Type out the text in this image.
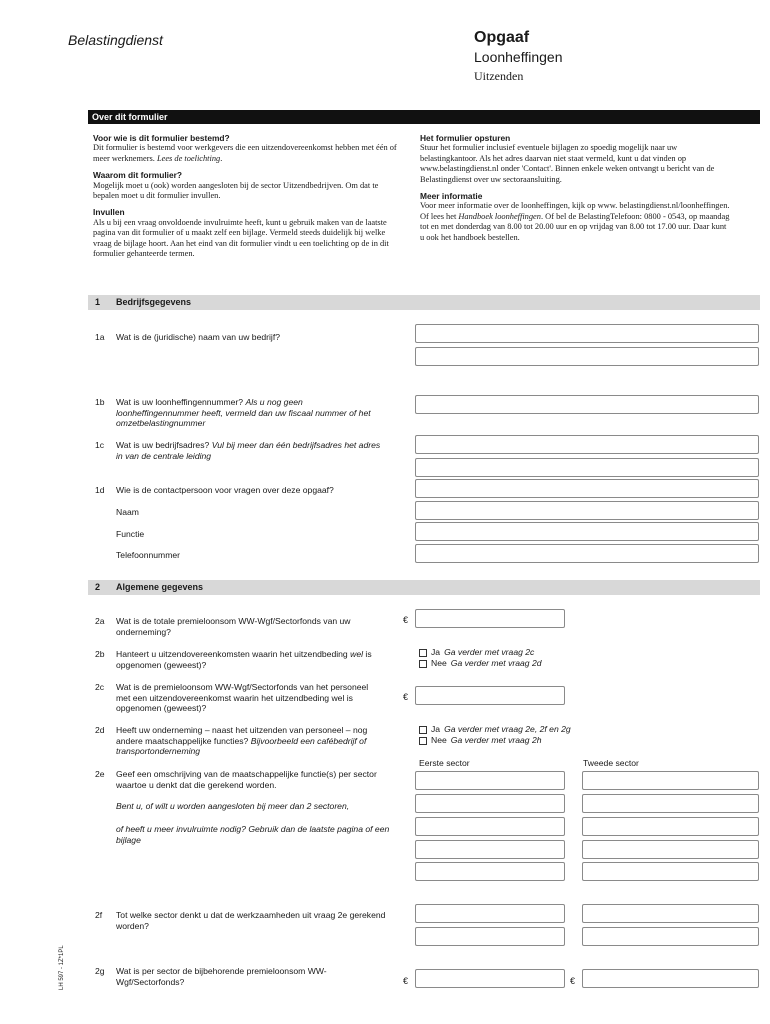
Belastingdienst	Opgaaf
Loonheffingen
Uitzenden
Over dit formulier

Voor wie is dit formulier bestemd?
Dit formulier is bestemd voor werkgevers die een uitzendovereenkomst hebben met één of meer werknemers. Lees de toelichting.

Waarom dit formulier?
Mogelijk moet u (ook) worden aangesloten bij de sector Uitzendbedrijven. Om dat te bepalen moet u dit formulier invullen.

Invullen
Als u bij een vraag onvoldoende invulruimte heeft, kunt u gebruik maken van de laatste pagina van dit formulier of u maakt zelf een bijlage. Vermeld steeds duidelijk bij welke vraag de bijlage hoort. Aan het eind van dit formulier vindt u een toelichting op de in dit formulier gehanteerde termen.

Het formulier opsturen
Stuur het formulier inclusief eventuele bijlagen zo spoedig mogelijk naar uw belastingkantoor. Als het adres daarvan niet staat vermeld, kunt u dat vinden op www.belastingdienst.nl onder 'Contact'. Binnen enkele weken ontvangt u bericht van de Belastingdienst over uw sectoraansluiting.

Meer informatie
Voor meer informatie over de loonheffingen, kijk op www. belastingdienst.nl/loonheffingen. Of lees het Handboek loonheffingen. Of bel de BelastingTelefoon: 0800 - 0543, op maandag tot en met donderdag van 8.00 tot 20.00 uur en op vrijdag van 8.00 tot 17.00 uur. Daar kunt u ook het handboek bestellen.

1 Bedrijfsgegevens
1a Wat is de (juridische) naam van uw bedrijf?
1b Wat is uw loonheffingennummer? Als u nog geen loonheffingennummer heeft, vermeld dan uw fiscaal nummer of het omzetbelastingnummer
1c Wat is uw bedrijfsadres? Vul bij meer dan één bedrijfsadres het adres in van de centrale leiding
1d Wie is de contactpersoon voor vragen over deze opgaaf?
Naam
Functie
Telefoonnummer
2 Algemene gegevens
2a Wat is de totale premieloonsom WW-Wgf/Sectorfonds van uw onderneming?
€
2b Hanteert u uitzendovereenkomsten waarin het uitzendbeding wel is opgenomen (geweest)?
Ja Ga verder met vraag 2c
Nee Ga verder met vraag 2d
2c Wat is de premieloonsom WW-Wgf/Sectorfonds van het personeel met een uitzendovereenkomst waarin het uitzendbeding wel is opgenomen (geweest)?
€
2d Heeft uw onderneming – naast het uitzenden van personeel – nog andere maatschappelijke functies? Bijvoorbeeld een cafébedrijf of transportonderneming
Ja Ga verder met vraag 2e, 2f en 2g
Nee Ga verder met vraag 2h
Eerste sector	Tweede sector
2e Geef een omschrijving van de maatschappelijke functie(s) per sector waartoe u denkt dat die gerekend worden.
Bent u, of wilt u worden aangesloten bij meer dan 2 sectoren,
of heeft u meer invulruimte nodig? Gebruik dan de laatste pagina of een bijlage
2f Tot welke sector denkt u dat de werkzaamheden uit vraag 2e gerekend worden?
2g Wat is per sector de bijbehorende premieloonsom WW-Wgf/Sectorfonds?	€	€
LH 597 - 1Z*1PL
